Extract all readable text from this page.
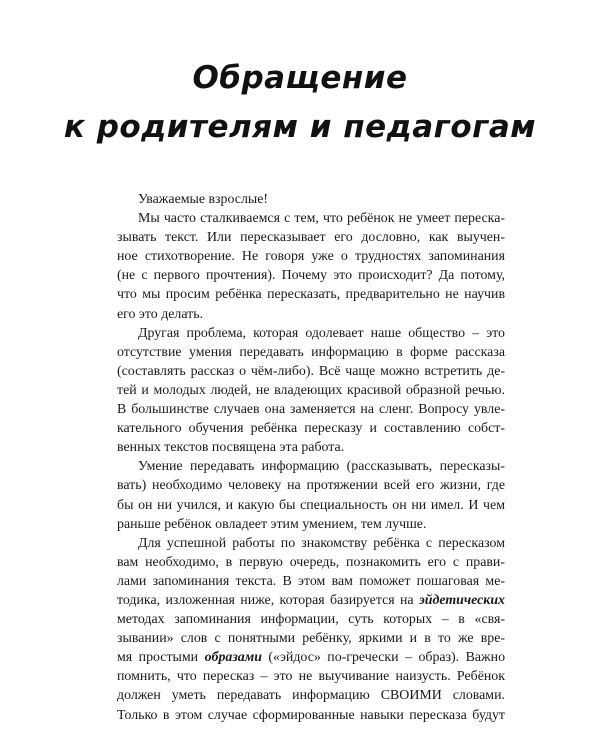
Обращение
к родителям и педагогам

Уважаемые взрослые!

Мы часто сталкиваемся с тем, что ребёнок не умеет переска-
зывать текст. Или пересказывает его дословно, как выучен-
ное стихотворение. Не говоря уже о трудностях запоминания
(не с первого прочтения). Почему это происходит? Да потому,
что мы просим ребёнка пересказать, предварительно не научив
его это делать.

Другая проблема, которая одолевает наше общество – это
отсутствие умения передавать информацию в форме рассказа
(составлять рассказ о чём-либо). Всё чаще можно встретить де-
тей и молодых людей, не владеющих красивой образной речью.
В большинстве случаев она заменяется на сленг. Вопросу увле-
кательного обучения ребёнка пересказу и составлению собст-
венных текстов посвящена эта работа.

Умение передавать информацию (рассказывать, пересказы-
вать) необходимо человеку на протяжении всей его жизни, где
бы он ни учился, и какую бы специальность он ни имел. И чем
раньше ребёнок овладеет этим умением, тем лучше.

Для успешной работы по знакомству ребёнка с пересказом
вам необходимо, в первую очередь, познакомить его с прави-
лами запоминания текста. В этом вам поможет пошаговая ме-
тодика, изложенная ниже, которая базируется на эйдетических
методах запоминания информации, суть которых – в «свя-
зывании» слов с понятными ребёнку, яркими и в то же вре-
мя простыми образами («эйдос» по-гречески – образ). Важно
помнить, что пересказ – это не выучивание наизусть. Ребёнок
должен уметь передавать информацию СВОИМИ словами.
Только в этом случае сформированные навыки пересказа будут
